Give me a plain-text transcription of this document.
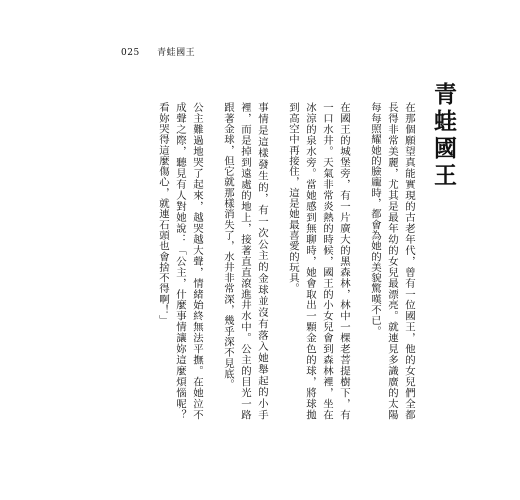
025 青蛙國王
青蛙國王

在那個願望真能實現的古老年代，曾有一位國王，他的女兒們全都長得非常美麗，尤其是最年幼的女兒最漂亮。就連見多識廣的太陽每每照耀她的臉龐時，都會為她的美貌驚嘆不已。

在國王的城堡旁，有一片廣大的黑森林，林中一棵老菩提樹下，有一口水井。天氣非常炎熱的時候，國王的小女兒會到森林裡，坐在冰涼的泉水旁。當她感到無聊時，她會取出一顆金色的球，將球拋到高空中再接住，這是她最喜愛的玩具。

事情是這樣發生的，有一次公主的金球並沒有落入她舉起的小手裡，而是掉到遠處的地上，接著直直滾進井水中。公主的目光一路跟著金球，但它就那樣消失了，水井非常深，幾乎深不見底。

公主難過地哭了起來，越哭越大聲，情緒始終無法平撫。在她泣不成聲之際，聽見有人對她說：「公主，什麼事情讓妳這麼煩惱呢？看妳哭得這麼傷心，就連石頭也會捨不得啊！」
